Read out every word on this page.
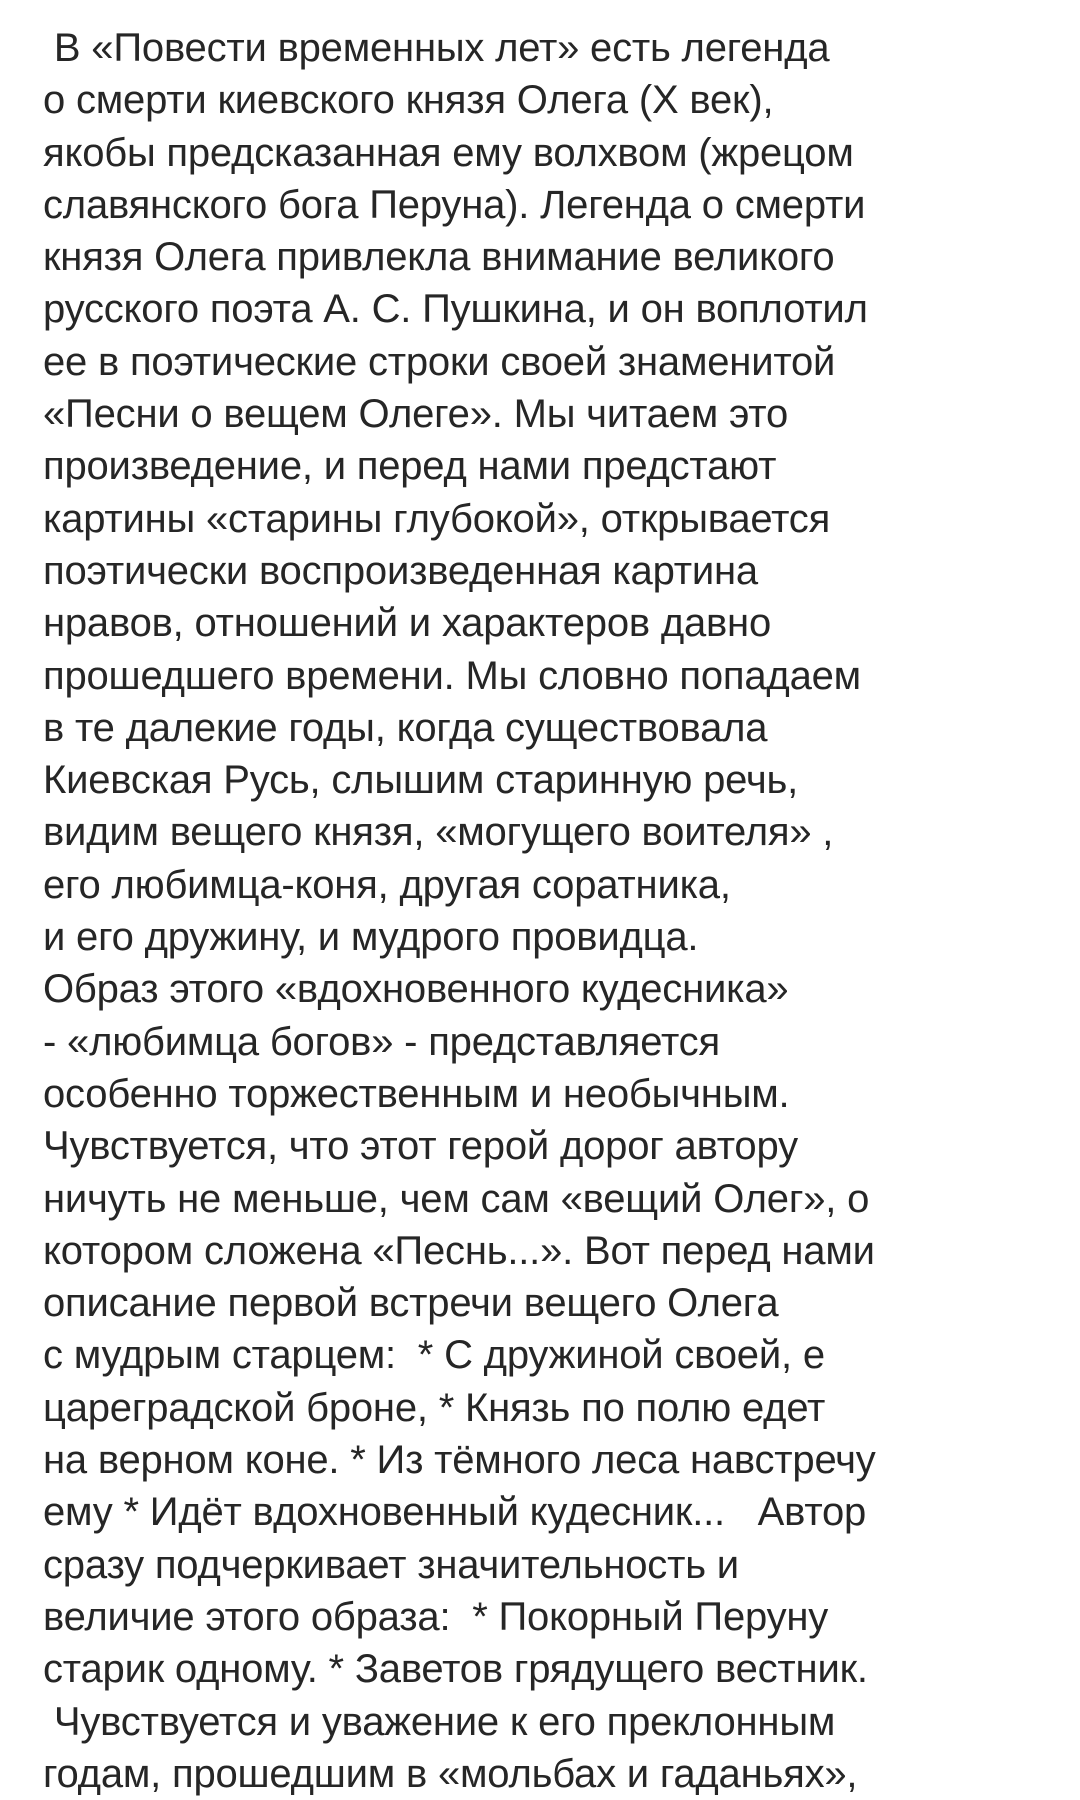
В «Повести временных лет» есть легенда
о смерти киевского князя Олега (X век),
якобы предсказанная ему волхвом (жрецом
славянского бога Перуна). Легенда о смерти
князя Олега привлекла внимание великого
русского поэта А. С. Пушкина, и он воплотил
ее в поэтические строки своей знаменитой
«Песни о вещем Олеге». Мы читаем это
произведение, и перед нами предстают
картины «старины глубокой», открывается
поэтически воспроизведенная картина
нравов, отношений и характеров давно
прошедшего времени. Мы словно попадаем
в те далекие годы, когда существовала
Киевская Русь, слышим старинную речь,
видим вещего князя, «могущего воителя» ,
его любимца-коня, другая соратника,
и его дружину, и мудрого провидца.
Образ этого «вдохновенного кудесника»
- «любимца богов» - представляется
особенно торжественным и необычным.
Чувствуется, что этот герой дорог автору
ничуть не меньше, чем сам «вещий Олег», о
котором сложена «Песнь...». Вот перед нами
описание первой встречи вещего Олега
с мудрым старцем:  * С дружиной своей, е
цареградской броне, * Князь по полю едет
на верном коне. * Из тёмного леса навстречу
ему * Идёт вдохновенный кудесник...   Автор
сразу подчеркивает значительность и
величие этого образа:  * Покорный Перуну
старик одному. * Заветов грядущего вестник.
Чувствуется и уважение к его преклонным
годам, прошедшим в «мольбах и гаданьях»,
